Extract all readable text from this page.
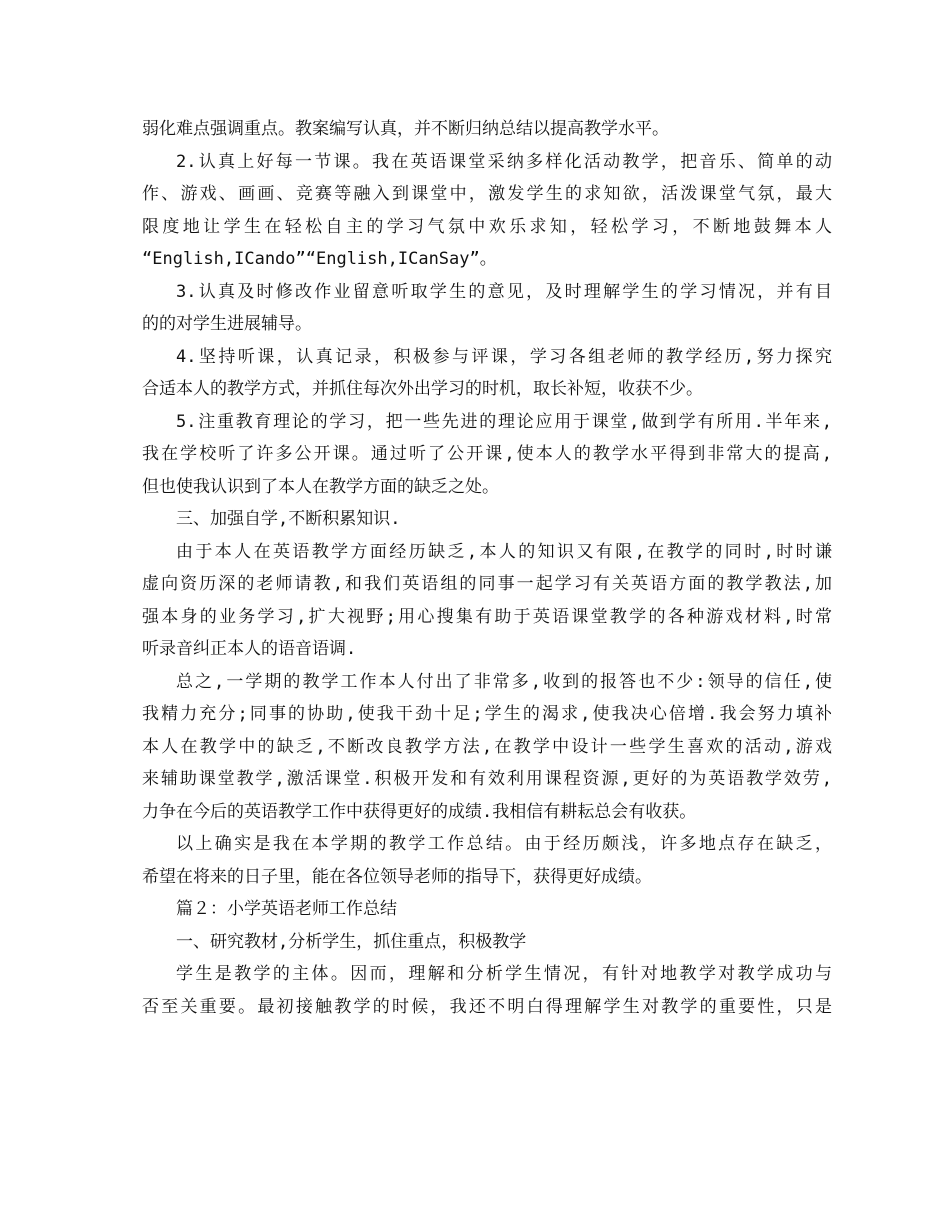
弱化难点强调重点。教案编写认真，并不断归纳总结以提高教学水平。

2.认真上好每一节课。我在英语课堂采纳多样化活动教学，把音乐、简单的动

作、游戏、画画、竞赛等融入到课堂中，激发学生的求知欲，活泼课堂气氛，最大

限度地让学生在轻松自主的学习气氛中欢乐求知，轻松学习，不断地鼓舞本人

“English,ICando”“English,ICanSay”。

3.认真及时修改作业留意听取学生的意见，及时理解学生的学习情况，并有目

的的对学生进展辅导。

4.坚持听课，认真记录，积极参与评课，学习各组老师的教学经历,努力探究

合适本人的教学方式，并抓住每次外出学习的时机，取长补短，收获不少。

5.注重教育理论的学习，把一些先进的理论应用于课堂,做到学有所用.半年来,

我在学校听了许多公开课。通过听了公开课,使本人的教学水平得到非常大的提高,

但也使我认识到了本人在教学方面的缺乏之处。

三、加强自学,不断积累知识.

由于本人在英语教学方面经历缺乏,本人的知识又有限,在教学的同时,时时谦

虚向资历深的老师请教,和我们英语组的同事一起学习有关英语方面的教学教法,加

强本身的业务学习,扩大视野;用心搜集有助于英语课堂教学的各种游戏材料,时常

听录音纠正本人的语音语调.

总之,一学期的教学工作本人付出了非常多,收到的报答也不少:领导的信任,使

我精力充分;同事的协助,使我干劲十足;学生的渴求,使我决心倍增.我会努力填补

本人在教学中的缺乏,不断改良教学方法,在教学中设计一些学生喜欢的活动,游戏

来辅助课堂教学,激活课堂.积极开发和有效利用课程资源,更好的为英语教学效劳,

力争在今后的英语教学工作中获得更好的成绩.我相信有耕耘总会有收获。

以上确实是我在本学期的教学工作总结。由于经历颇浅，许多地点存在缺乏，

希望在将来的日子里，能在各位领导老师的指导下，获得更好成绩。

篇２：小学英语老师工作总结

一、研究教材,分析学生，抓住重点，积极教学

学生是教学的主体。因而，理解和分析学生情况，有针对地教学对教学成功与

否至关重要。最初接触教学的时候，我还不明白得理解学生对教学的重要性，只是
